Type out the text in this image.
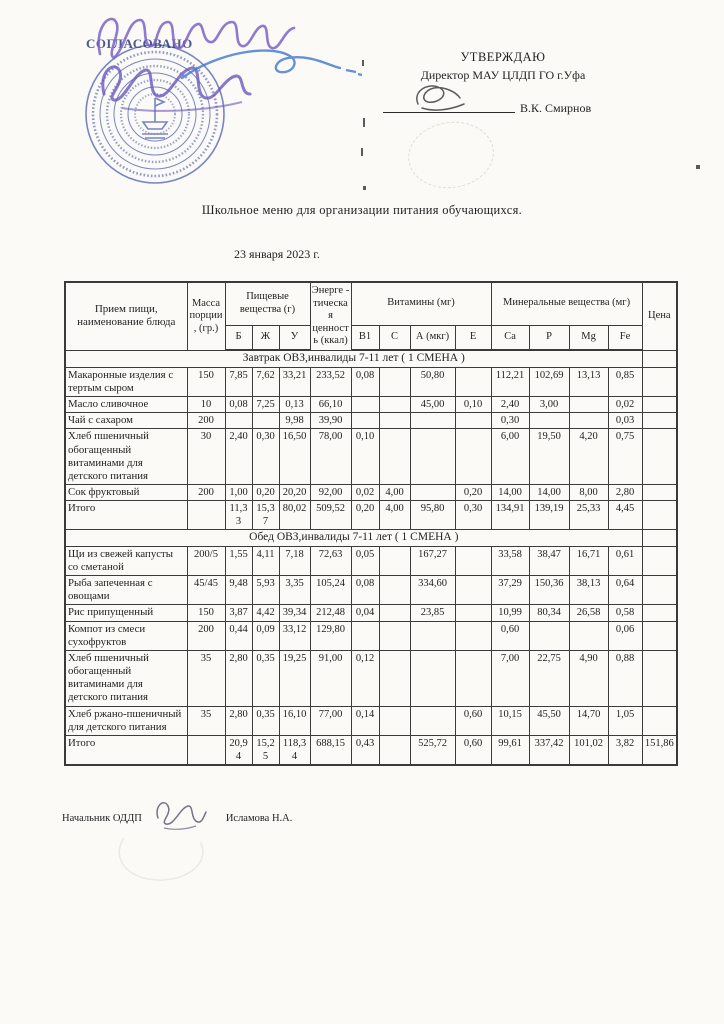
СОГЛАСОВАНО
УТВЕРЖДАЮ
Директор МАУ ЦЛДП ГО г.Уфа
В.К. Смирнов
Школьное меню для организации питания обучающихся.
23 января 2023 г.
Прием пищи, наименование блюда	Масса порции, (гр.)	Пищевые вещества (г)			Энерге - тическая ценность (ккал)	Витамины (мг)				Минеральные вещества (мг)				Цена
		Б	Ж	У		В1	С	А (мкг)	Е	Са	Р	Mg	Fe	
Завтрак ОВЗ,инвалиды 7-11 лет ( 1 СМЕНА )														
Макаронные изделия с тертым сыром	150	7,85	7,62	33,21	233,52	0,08		50,80		112,21	102,69	13,13	0,85	
Масло сливочное	10	0,08	7,25	0,13	66,10			45,00	0,10	2,40	3,00		0,02	
Чай с сахаром	200			9,98	39,90					0,30			0,03	
Хлеб пшеничный обогащенный витаминами для детского питания	30	2,40	0,30	16,50	78,00	0,10				6,00	19,50	4,20	0,75	
Сок фруктовый	200	1,00	0,20	20,20	92,00	0,02	4,00		0,20	14,00	14,00	8,00	2,80	
Итого		11,33	15,37	80,02	509,52	0,20	4,00	95,80	0,30	134,91	139,19	25,33	4,45	
Обед ОВЗ,инвалиды 7-11 лет ( 1 СМЕНА )														
Щи из свежей капусты со сметаной	200/5	1,55	4,11	7,18	72,63	0,05		167,27		33,58	38,47	16,71	0,61	
Рыба запеченная с овощами	45/45	9,48	5,93	3,35	105,24	0,08		334,60		37,29	150,36	38,13	0,64	
Рис припущенный	150	3,87	4,42	39,34	212,48	0,04		23,85		10,99	80,34	26,58	0,58	
Компот из смеси сухофруктов	200	0,44	0,09	33,12	129,80					0,60			0,06	
Хлеб пшеничный обогащенный витаминами для детского питания	35	2,80	0,35	19,25	91,00	0,12				7,00	22,75	4,90	0,88	
Хлеб ржано-пшеничный для детского питания	35	2,80	0,35	16,10	77,00	0,14			0,60	10,15	45,50	14,70	1,05	
Итого		20,94	15,25	118,34	688,15	0,43		525,72	0,60	99,61	337,42	101,02	3,82	151,86
Начальник ОДДП	Исламова Н.А.
